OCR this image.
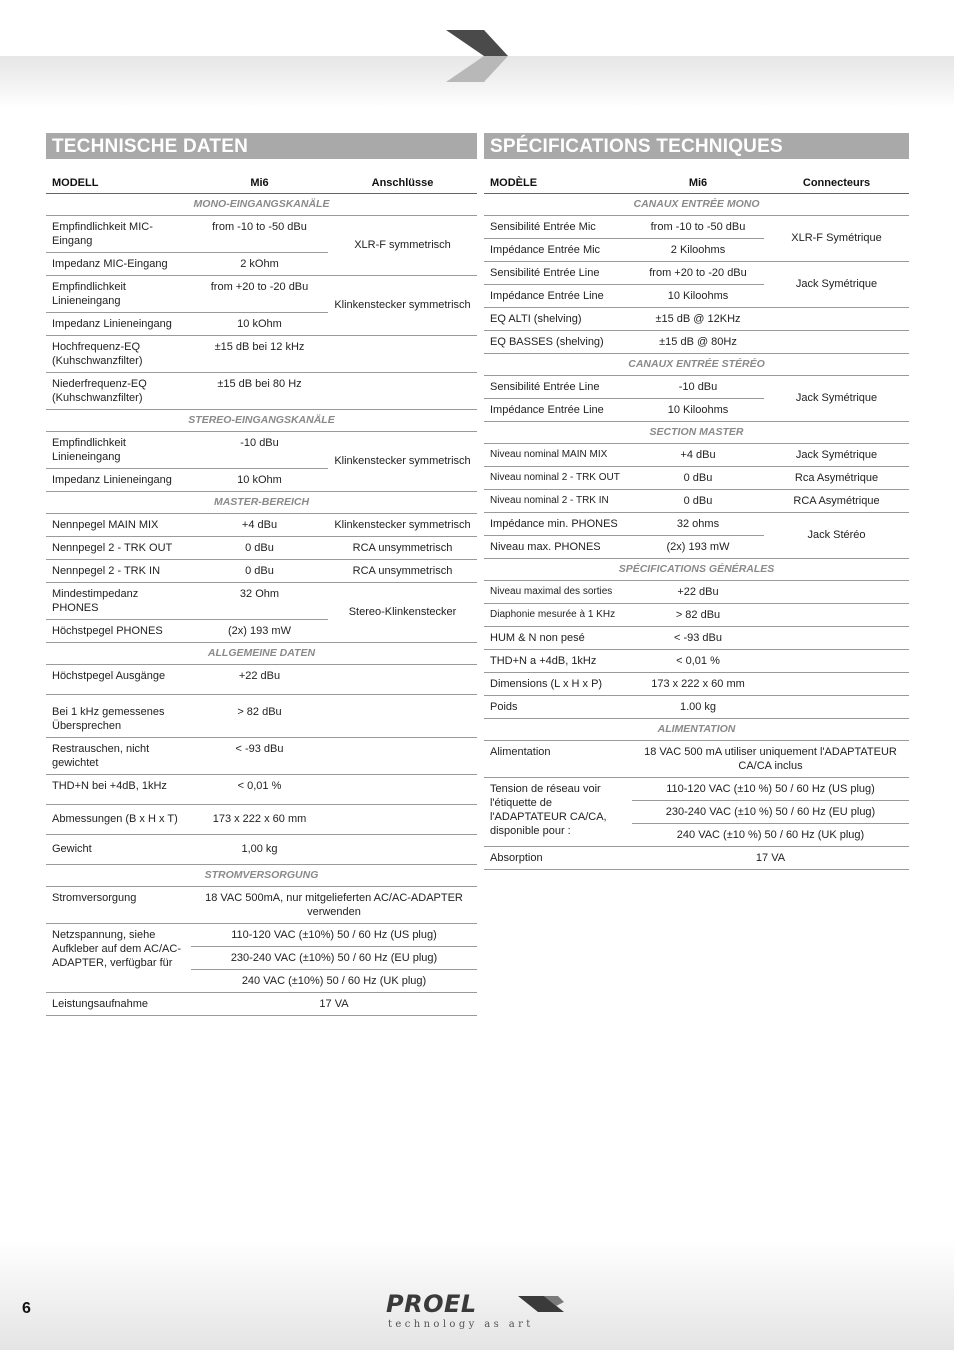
TECHNISCHE DATEN
MODELL	Mi6	Anschlüsse
MONO-EINGANGSKANÄLE		
Empfindlichkeit MIC-Eingang	from -10 to -50 dBu	XLR-F symmetrisch
Impedanz MIC-Eingang	2 kOhm	
Empfindlichkeit Linieneingang	from +20 to -20 dBu	Klinkenstecker symmetrisch
Impedanz Linieneingang	10 kOhm	
Hochfrequenz-EQ (Kuhschwanzfilter)	±15 dB bei 12 kHz	
Niederfrequenz-EQ (Kuhschwanzfilter)	±15 dB bei 80 Hz	
STEREO-EINGANGSKANÄLE		
Empfindlichkeit Linieneingang	-10 dBu	Klinkenstecker symmetrisch
Impedanz Linieneingang	10 kOhm	
MASTER-BEREICH		
Nennpegel MAIN MIX	+4 dBu	Klinkenstecker symmetrisch
Nennpegel 2 - TRK OUT	0 dBu	RCA unsymmetrisch
Nennpegel 2 - TRK IN	0 dBu	RCA unsymmetrisch
Mindestimpedanz PHONES	32 Ohm	Stereo-Klinkenstecker
Höchstpegel PHONES	(2x) 193 mW	
ALLGEMEINE DATEN		
Höchstpegel Ausgänge	+22 dBu	
Bei 1 kHz gemessenes Übersprechen	> 82 dBu	
Restrauschen, nicht gewichtet	< -93 dBu	
THD+N bei +4dB, 1kHz	< 0,01 %	
Abmessungen (B x H x T)	173 x 222 x 60 mm	
Gewicht	1,00 kg	
STROMVERSORGUNG		
Stromversorgung	18 VAC 500mA, nur mitgelieferten AC/AC-ADAPTER verwenden	
Netzspannung, siehe Aufkleber auf dem AC/AC-ADAPTER, verfügbar für	110-120 VAC (±10%) 50 / 60 Hz (US plug)	
	230-240 VAC (±10%) 50 / 60 Hz (EU plug)	
	240 VAC (±10%) 50 / 60 Hz (UK plug)	
Leistungsaufnahme	17 VA	
SPÉCIFICATIONS TECHNIQUES
MODÈLE	Mi6	Connecteurs
CANAUX ENTRÉE MONO		
Sensibilité Entrée Mic	from -10 to -50 dBu	XLR-F Symétrique
Impédance Entrée Mic	2 Kiloohms	
Sensibilité Entrée Line	from +20 to -20 dBu	Jack Symétrique
Impédance Entrée Line	10 Kiloohms	
EQ ALTI (shelving)	±15 dB @ 12KHz	
EQ BASSES (shelving)	±15 dB @ 80Hz	
CANAUX ENTRÉE STÉRÉO		
Sensibilité Entrée Line	-10 dBu	Jack Symétrique
Impédance Entrée Line	10 Kiloohms	
SECTION MASTER		
Niveau nominal MAIN MIX	+4 dBu	Jack Symétrique
Niveau nominal 2 - TRK OUT	0 dBu	Rca Asymétrique
Niveau nominal 2 - TRK IN	0 dBu	RCA Asymétrique
Impédance min. PHONES	32 ohms	Jack Stéréo
Niveau max. PHONES	(2x) 193 mW	
SPÉCIFICATIONS GÉNÉRALES		
Niveau maximal des sorties	+22 dBu	
Diaphonie mesurée à 1 KHz	> 82 dBu	
HUM & N non pesé	< -93 dBu	
THD+N a +4dB, 1kHz	< 0,01 %	
Dimensions (L x H x P)	173 x 222 x 60 mm	
Poids	1.00 kg	
ALIMENTATION		
Alimentation	18 VAC 500 mA utiliser uniquement l'ADAPTATEUR CA/CA inclus	
Tension de réseau voir l'étiquette de l'ADAPTATEUR CA/CA, disponible pour :	110-120 VAC (±10 %) 50 / 60 Hz (US plug)	
	230-240 VAC (±10 %) 50 / 60 Hz (EU plug)	
	240 VAC (±10 %) 50 / 60 Hz (UK plug)	
Absorption	17 VA	
6	PROEL
technology as art
